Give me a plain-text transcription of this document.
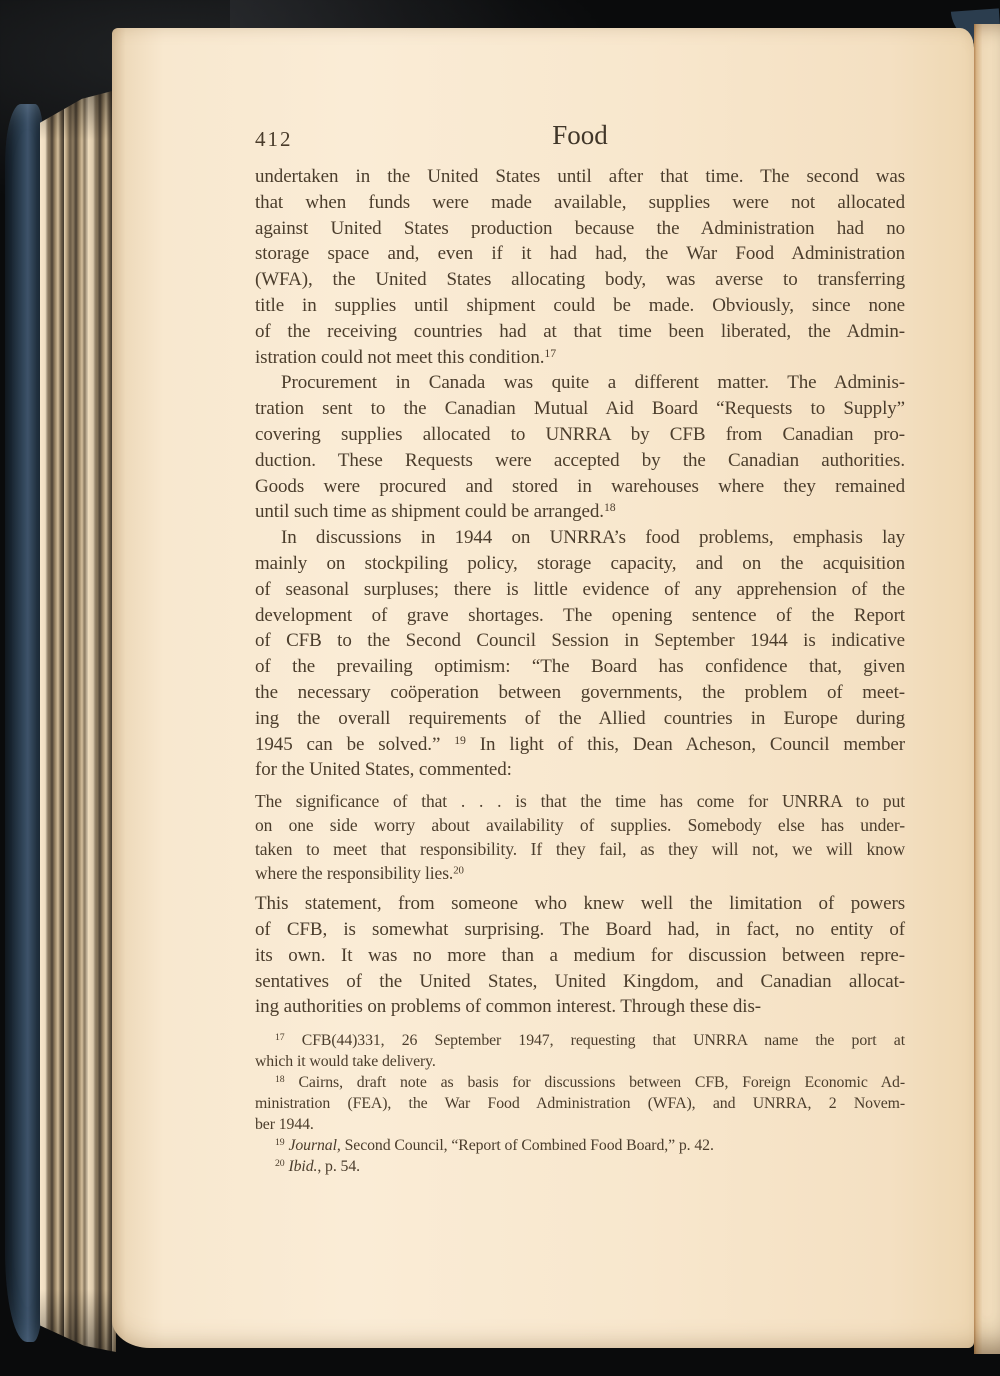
412	Food
undertaken in the United States until after that time. The second was
that when funds were made available, supplies were not allocated
against United States production because the Administration had no
storage space and, even if it had had, the War Food Administration
(WFA), the United States allocating body, was averse to transferring
title in supplies until shipment could be made. Obviously, since none
of the receiving countries had at that time been liberated, the Admin-
istration could not meet this condition.$^{17}$
Procurement in Canada was quite a different matter. The Adminis-
tration sent to the Canadian Mutual Aid Board “Requests to Supply”
covering supplies allocated to UNRRA by CFB from Canadian pro-
duction. These Requests were accepted by the Canadian authorities.
Goods were procured and stored in warehouses where they remained
until such time as shipment could be arranged.$^{18}$
In discussions in 1944 on UNRRA’s food problems, emphasis lay
mainly on stockpiling policy, storage capacity, and on the acquisition
of seasonal surpluses; there is little evidence of any apprehension of the
development of grave shortages. The opening sentence of the Report
of CFB to the Second Council Session in September 1944 is indicative
of the prevailing optimism: “The Board has confidence that, given
the necessary coöperation between governments, the problem of meet-
ing the overall requirements of the Allied countries in Europe during
1945 can be solved.” $^{19}$ In light of this, Dean Acheson, Council member
for the United States, commented:
The significance of that . . . is that the time has come for UNRRA to put
on one side worry about availability of supplies. Somebody else has under-
taken to meet that responsibility. If they fail, as they will not, we will know
where the responsibility lies.$^{20}$
This statement, from someone who knew well the limitation of powers
of CFB, is somewhat surprising. The Board had, in fact, no entity of
its own. It was no more than a medium for discussion between repre-
sentatives of the United States, United Kingdom, and Canadian allocat-
ing authorities on problems of common interest. Through these dis-
$^{17}$ CFB(44)331, 26 September 1947, requesting that UNRRA name the port at
which it would take delivery.
$^{18}$ Cairns, draft note as basis for discussions between CFB, Foreign Economic Ad-
ministration (FEA), the War Food Administration (WFA), and UNRRA, 2 Novem-
ber 1944.
$^{19}$ Journal, Second Council, “Report of Combined Food Board,” p. 42.
$^{20}$ Ibid., p. 54.
